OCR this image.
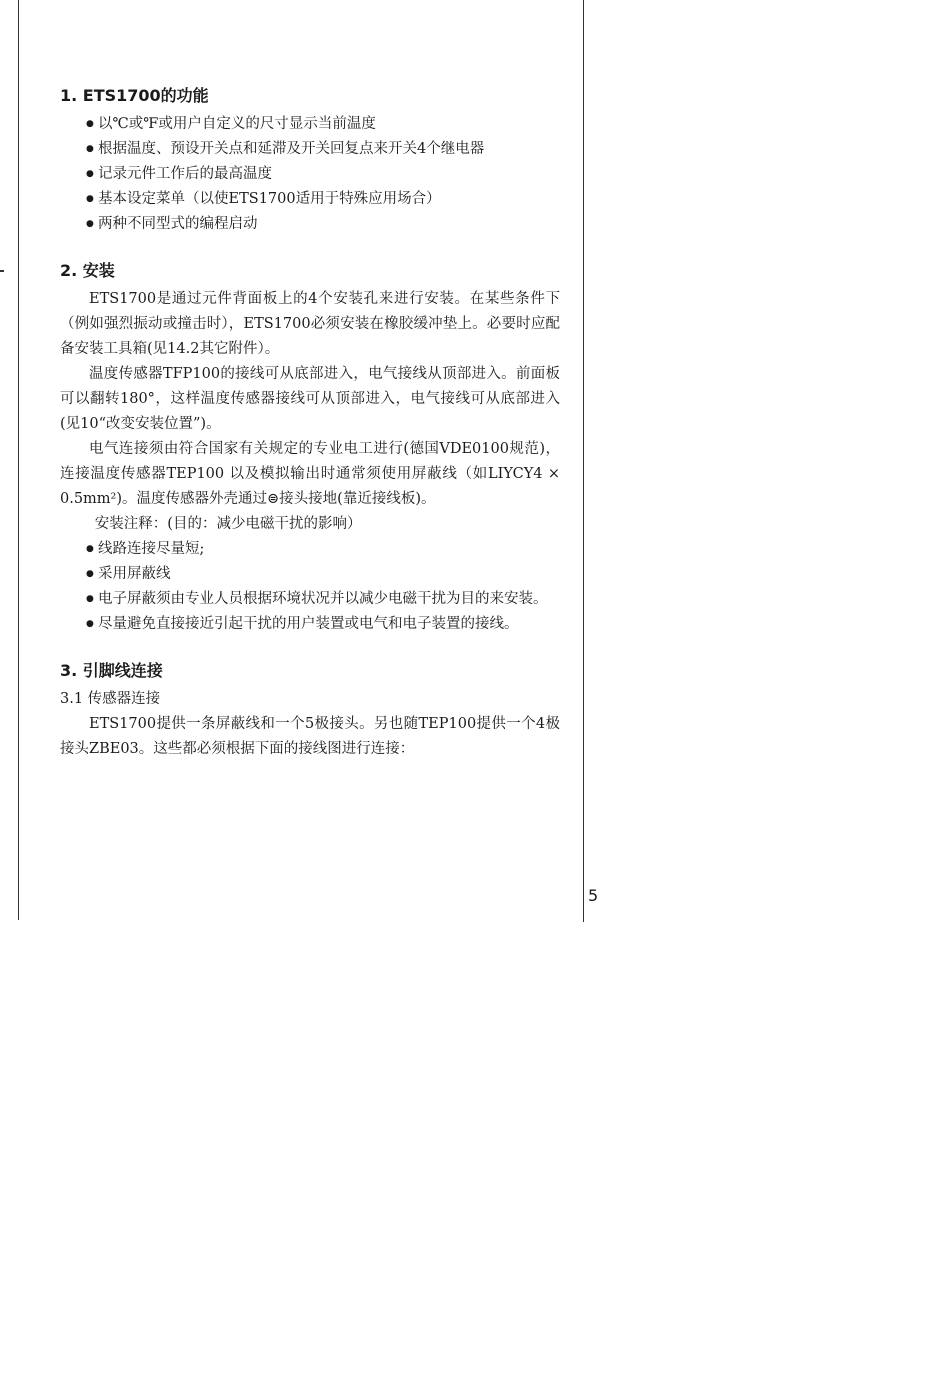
1. ETS1700的功能
● 以℃或℉或用户自定义的尺寸显示当前温度
● 根据温度、预设开关点和延滞及开关回复点来开关4个继电器
● 记录元件工作后的最高温度
● 基本设定菜单（以使ETS1700适用于特殊应用场合）
● 两种不同型式的编程启动
2. 安装

ETS1700是通过元件背面板上的4个安装孔来进行安装。在某些条件下（例如强烈振动或撞击时），ETS1700必须安装在橡胶缓冲垫上。必要时应配备安装工具箱(见14.2其它附件）。

温度传感器TFP100的接线可从底部进入，电气接线从顶部进入。前面板可以翻转180°，这样温度传感器接线可从顶部进入，电气接线可从底部进入(见10“改变安装位置”)。

电气连接须由符合国家有关规定的专业电工进行(德国VDE0100规范)，连接温度传感器TEP100 以及模拟输出时通常须使用屏蔽线（如LIYCY4 × 0.5mm²)。温度传感器外壳通过⊜接头接地(靠近接线板)。

安装注释：(目的：减少电磁干扰的影响）

● 线路连接尽量短;
● 采用屏蔽线
● 电子屏蔽须由专业人员根据环境状况并以减少电磁干扰为目的来安装。
● 尽量避免直接接近引起干扰的用户装置或电气和电子装置的接线。
3. 引脚线连接
3.1 传感器连接

ETS1700提供一条屏蔽线和一个5极接头。另也随TEP100提供一个4极接头ZBE03。这些都必须根据下面的接线图进行连接：

5
